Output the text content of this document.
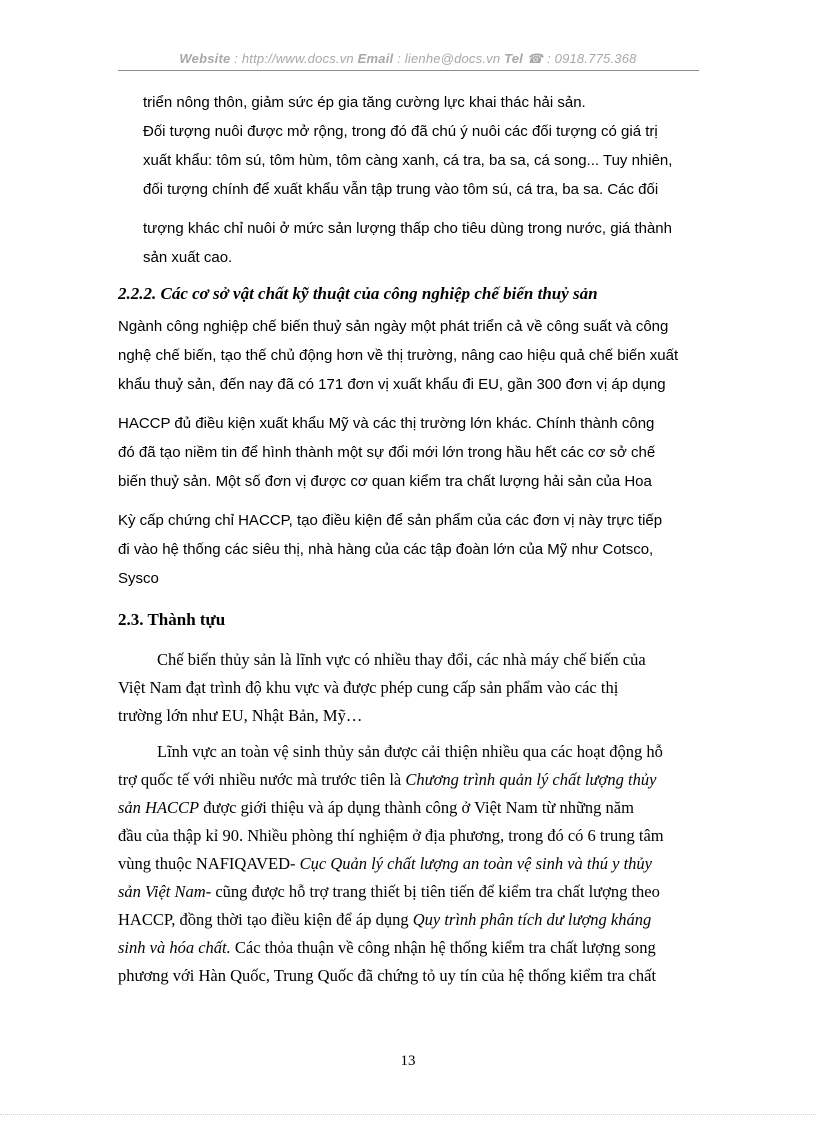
Website : http://www.docs.vn Email : lienhe@docs.vn Tel ☎ : 0918.775.368
triển nông thôn, giảm sức ép gia tăng cường lực khai thác hải sản.
Đối tượng nuôi được mở rộng, trong đó đã chú ý nuôi các đối tượng có giá trị
xuất khẩu: tôm sú, tôm hùm, tôm càng xanh, cá tra, ba sa, cá song... Tuy nhiên,
đối tượng chính để xuất khẩu vẫn tập trung vào tôm sú, cá tra, ba sa. Các đối
tượng khác chỉ nuôi ở mức sản lượng thấp cho tiêu dùng trong nước, giá thành
sản xuất cao.
2.2.2. Các cơ sở vật chất kỹ thuật của công nghiệp chế biến thuỷ sản
Ngành công nghiệp chế biến thuỷ sản ngày một phát triển cả về công suất và công
nghệ chế biến, tạo thế chủ động hơn về thị trường, nâng cao hiệu quả chế biến xuất
khẩu thuỷ sản, đến nay đã có 171 đơn vị xuất khẩu đi EU, gần 300 đơn vị áp dụng
HACCP đủ điều kiện xuất khẩu Mỹ và các thị trường lớn khác. Chính thành công
đó đã tạo niềm tin để hình thành một sự đổi mới lớn trong hầu hết các cơ sở chế
biến thuỷ sản. Một số đơn vị được cơ quan kiểm tra chất lượng hải sản của Hoa
Kỳ cấp chứng chỉ HACCP, tạo điều kiện để sản phẩm của các đơn vị này trực tiếp
đi vào hệ thống các siêu thị, nhà hàng của các tập đoàn lớn của Mỹ như Cotsco,
Sysco
2.3. Thành tựu
Chế biến thủy sản là lĩnh vực có nhiều thay đổi, các nhà máy chế biến của
Việt Nam đạt trình độ khu vực và được phép cung cấp sản phẩm vào các thị
trường lớn như EU, Nhật Bản, Mỹ…
Lĩnh vực an toàn vệ sinh thủy sản được cải thiện nhiều qua các hoạt động hỗ
trợ quốc tế với nhiều nước mà trước tiên là Chương trình quản lý chất lượng thủy
sản HACCP được giới thiệu và áp dụng thành công ở Việt Nam từ những năm
đầu của thập kỉ 90. Nhiều phòng thí nghiệm ở địa phương, trong đó có 6 trung tâm
vùng thuộc NAFIQAVED- Cục Quản lý chất lượng an toàn vệ sinh và thú y thủy
sản Việt Nam- cũng được hỗ trợ trang thiết bị tiên tiến để kiểm tra chất lượng theo
HACCP, đồng thời tạo điều kiện để áp dụng Quy trình phân tích dư lượng kháng
sinh và hóa chất. Các thỏa thuận về công nhận hệ thống kiểm tra chất lượng song
phương với Hàn Quốc, Trung Quốc đã chứng tỏ uy tín của hệ thống kiểm tra chất
13
